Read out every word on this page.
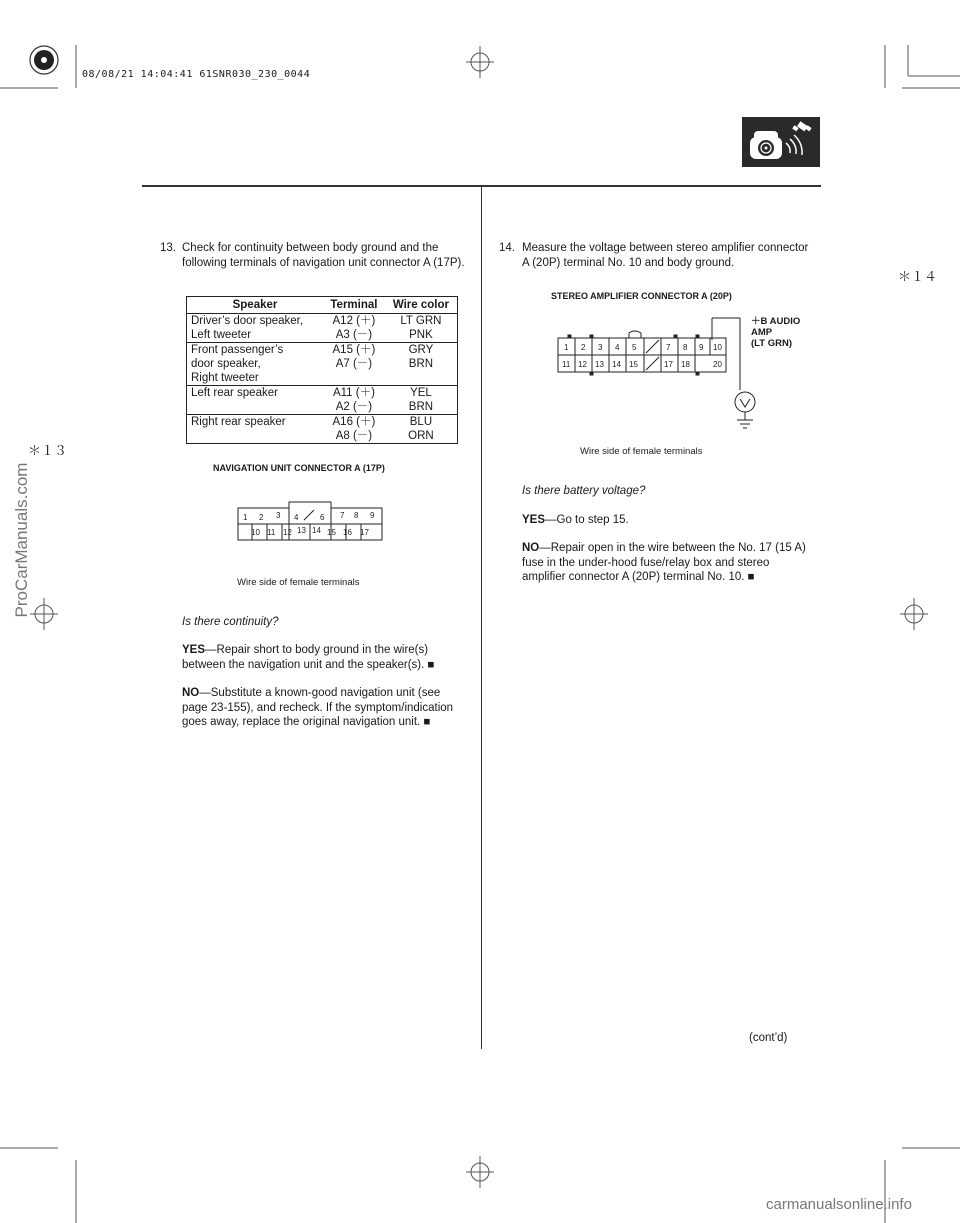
08/08/21 14:04:41 61SNR030_230_0044
＊１３
＊１４
ProCarManuals.com
carmanualsonline.info
13. Check for continuity between body ground and the following terminals of navigation unit connector A (17P).
Speaker	Terminal	Wire color
Driver’s door speaker,
Left tweeter	A12 (＋)	LT GRN
	A3 (－)	PNK
Front passenger’s
door speaker,
Right tweeter	A15 (＋)	GRY
	A7 (－)	BRN
Left rear speaker	A11 (＋)	YEL
	A2 (－)	BRN
Right rear speaker	A16 (＋)	BLU
	A8 (－)	ORN
NAVIGATION UNIT CONNECTOR A (17P)
1 2 3 4	6 7 8 9
10 11 12 13 14 15 16 17
Wire side of female terminals
Is there continuity?
YES—Repair short to body ground in the wire(s) between the navigation unit and the speaker(s). ■
NO—Substitute a known-good navigation unit (see page 23-155), and recheck. If the symptom/indication goes away, replace the original navigation unit. ■
14. Measure the voltage between stereo amplifier connector A (20P) terminal No. 10 and body ground.
STEREO AMPLIFIER CONNECTOR A (20P)
1 2 3 4 5	7 8 9 10
11 12 13 14 15	17 18	20
＋B AUDIO
AMP
(LT GRN)
Wire side of female terminals
Is there battery voltage?
YES—Go to step 15.
NO—Repair open in the wire between the No. 17 (15 A) fuse in the under-hood fuse/relay box and stereo amplifier connector A (20P) terminal No. 10. ■
(cont’d)
